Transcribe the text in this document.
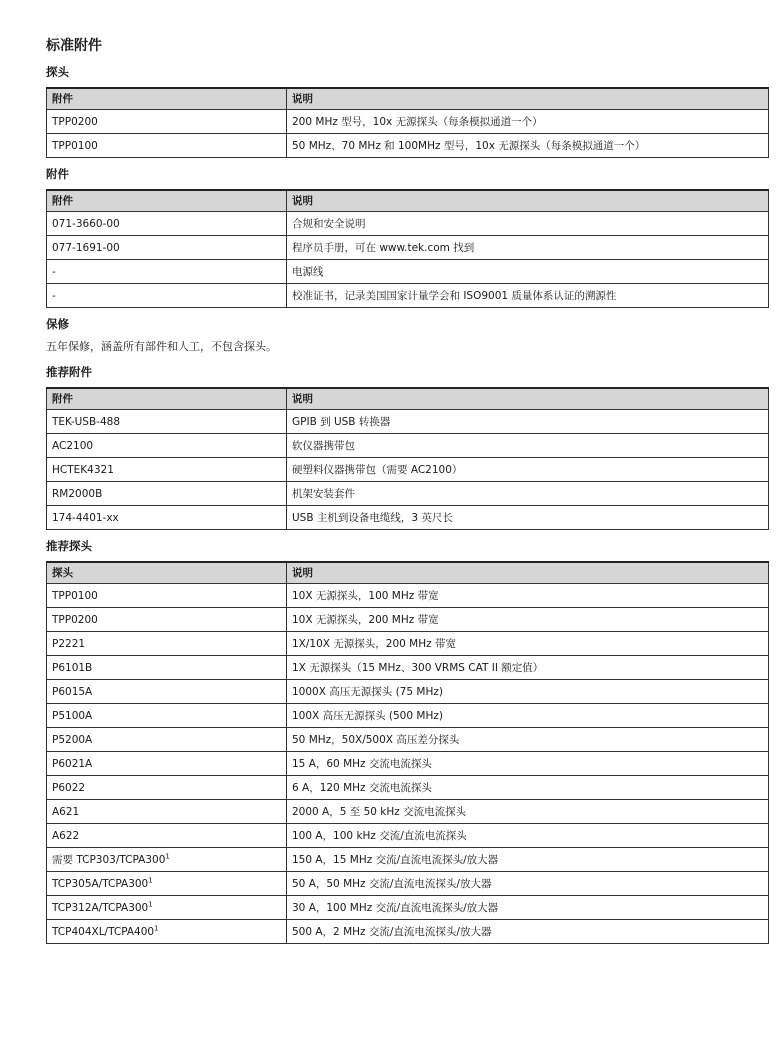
标准附件
探头
附件	说明
TPP0200	200 MHz 型号，10x 无源探头（每条模拟通道一个）
TPP0100	50 MHz、70 MHz 和 100MHz 型号，10x 无源探头（每条模拟通道一个）
附件
附件	说明
071-3660-00	合规和安全说明
077-1691-00	程序员手册，可在 www.tek.com 找到
-	电源线
-	校准证书，记录美国国家计量学会和 ISO9001 质量体系认证的溯源性
保修

五年保修，涵盖所有部件和人工，不包含探头。

推荐附件
附件	说明
TEK-USB-488	GPIB 到 USB 转换器
AC2100	软仪器携带包
HCTEK4321	硬塑料仪器携带包（需要 AC2100）
RM2000B	机架安装套件
174-4401-xx	USB 主机到设备电缆线，3 英尺长
推荐探头
探头	说明
TPP0100	10X 无源探头，100 MHz 带宽
TPP0200	10X 无源探头，200 MHz 带宽
P2221	1X/10X 无源探头，200 MHz 带宽
P6101B	1X 无源探头（15 MHz、300 VRMS CAT II 额定值）
P6015A	1000X 高压无源探头 (75 MHz)
P5100A	100X 高压无源探头 (500 MHz)
P5200A	50 MHz，50X/500X 高压差分探头
P6021A	15 A，60 MHz 交流电流探头
P6022	6 A，120 MHz 交流电流探头
A621	2000 A，5 至 50 kHz 交流电流探头
A622	100 A，100 kHz 交流/直流电流探头
需要 $TCP303/TCPA300^1$	150 A，15 MHz 交流/直流电流探头/放大器
$TCP305A/TCPA300^1$	50 A，50 MHz 交流/直流电流探头/放大器
$TCP312A/TCPA300^1$	30 A，100 MHz 交流/直流电流探头/放大器
$TCP404XL/TCPA400^1$	500 A，2 MHz 交流/直流电流探头/放大器
